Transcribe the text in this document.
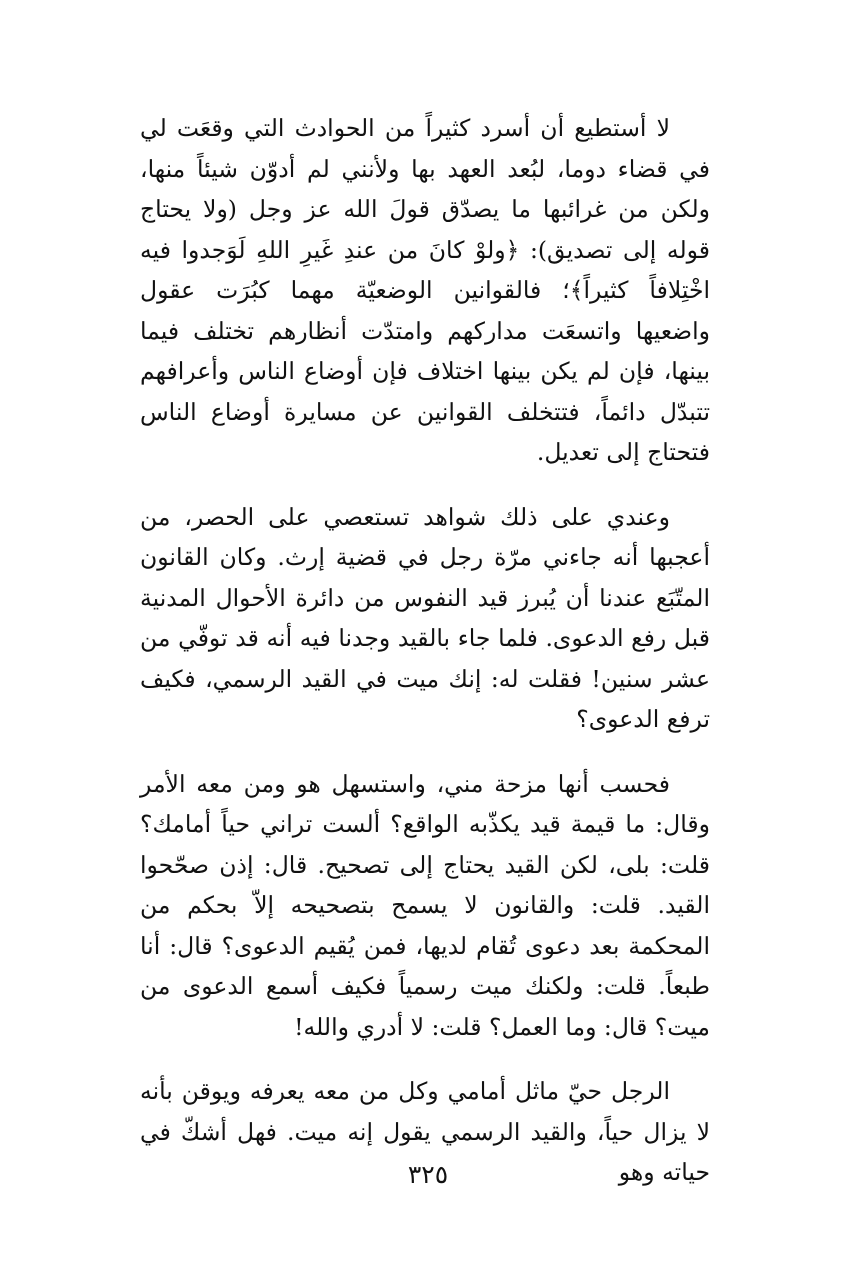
لا أستطيع أن أسرد كثيراً من الحوادث التي وقعَت لي في قضاء دوما، لبُعد العهد بها ولأنني لم أدوّن شيئاً منها، ولكن من غرائبها ما يصدّق قولَ الله عز وجل (ولا يحتاج قوله إلى تصديق): ﴿ولوْ كانَ من عندِ غَيرِ اللهِ لَوَجدوا فيه اخْتِلافاً كثيراً﴾؛ فالقوانين الوضعيّة مهما كبُرَت عقول واضعيها واتسعَت مداركهم وامتدّت أنظارهم تختلف فيما بينها، فإن لم يكن بينها اختلاف فإن أوضاع الناس وأعرافهم تتبدّل دائماً، فتتخلف القوانين عن مسايرة أوضاع الناس فتحتاج إلى تعديل.

وعندي على ذلك شواهد تستعصي على الحصر، من أعجبها أنه جاءني مرّة رجل في قضية إرث. وكان القانون المتّبَع عندنا أن يُبرز قيد النفوس من دائرة الأحوال المدنية قبل رفع الدعوى. فلما جاء بالقيد وجدنا فيه أنه قد توفّي من عشر سنين! فقلت له: إنك ميت في القيد الرسمي، فكيف ترفع الدعوى؟

فحسب أنها مزحة مني، واستسهل هو ومن معه الأمر وقال: ما قيمة قيد يكذّبه الواقع؟ ألست تراني حياً أمامك؟ قلت: بلى، لكن القيد يحتاج إلى تصحيح. قال: إذن صحّحوا القيد. قلت: والقانون لا يسمح بتصحيحه إلاّ بحكم من المحكمة بعد دعوى تُقام لديها، فمن يُقيم الدعوى؟ قال: أنا طبعاً. قلت: ولكنك ميت رسمياً فكيف أسمع الدعوى من ميت؟ قال: وما العمل؟ قلت: لا أدري والله!

الرجل حيّ ماثل أمامي وكل من معه يعرفه ويوقن بأنه لا يزال حياً، والقيد الرسمي يقول إنه ميت. فهل أشكّ في حياته وهو

٣٢٥
